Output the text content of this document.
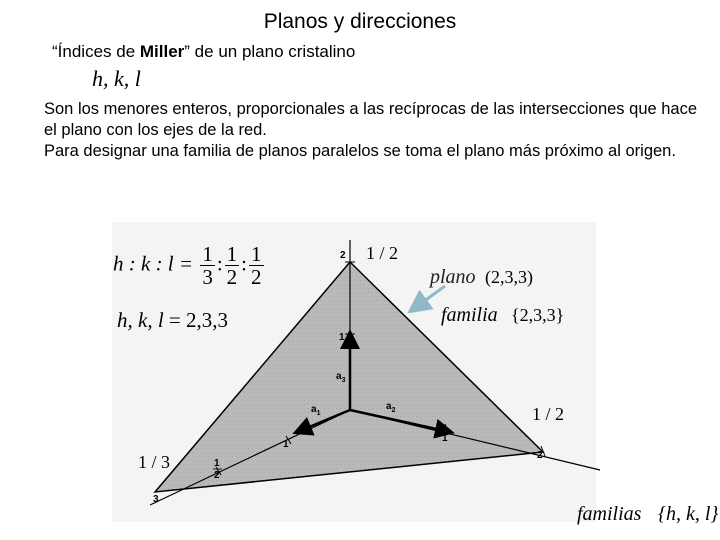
Planos y direcciones
“Índices de Miller” de un plano cristalino
h, k, l

Son los menores enteros, proporcionales a las recíprocas de las intersecciones que hace el plano con los ejes de la red.

Para designar una familia de planos paralelos se toma el plano más próximo al origen.

2 1 / 2
1
$a_3$
$a_1$
$a_2$
1
2
1 / 2
1
1
2
3
1 / 3
plano (2,3,3)
familia {2,3,3}
familias {h, k, l}
h : k : $l = \frac{1}{3}$ : $\frac{1}{2}$ : $\frac{1}{2}$
h, k, l = 2,3,3
